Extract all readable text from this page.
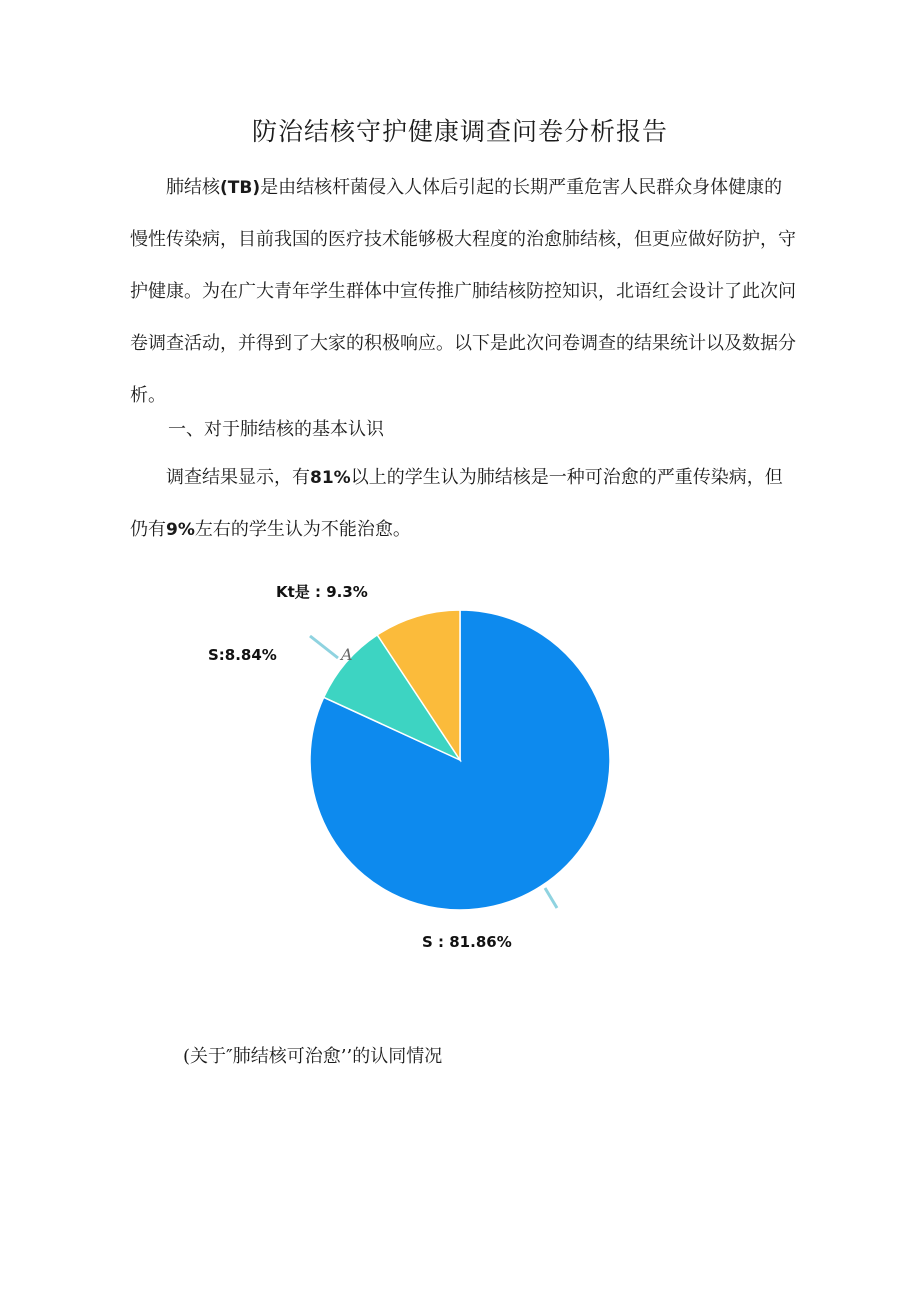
防治结核守护健康调查问卷分析报告

肺结核(TB)是由结核杆菌侵入人体后引起的长期严重危害人民群众身体健康的慢性传染病，目前我国的医疗技术能够极大程度的治愈肺结核，但更应做好防护，守护健康。为在广大青年学生群体中宣传推广肺结核防控知识，北语红会设计了此次问卷调查活动，并得到了大家的积极响应。以下是此次问卷调查的结果统计以及数据分析。

一、对于肺结核的基本认识

调查结果显示，有81%以上的学生认为肺结核是一种可治愈的严重传染病，但仍有9%左右的学生认为不能治愈。

Kt是 : 9.3%
S:8.84%
S : 81.86%
A
(关于″肺结核可治愈’’的认同情况
